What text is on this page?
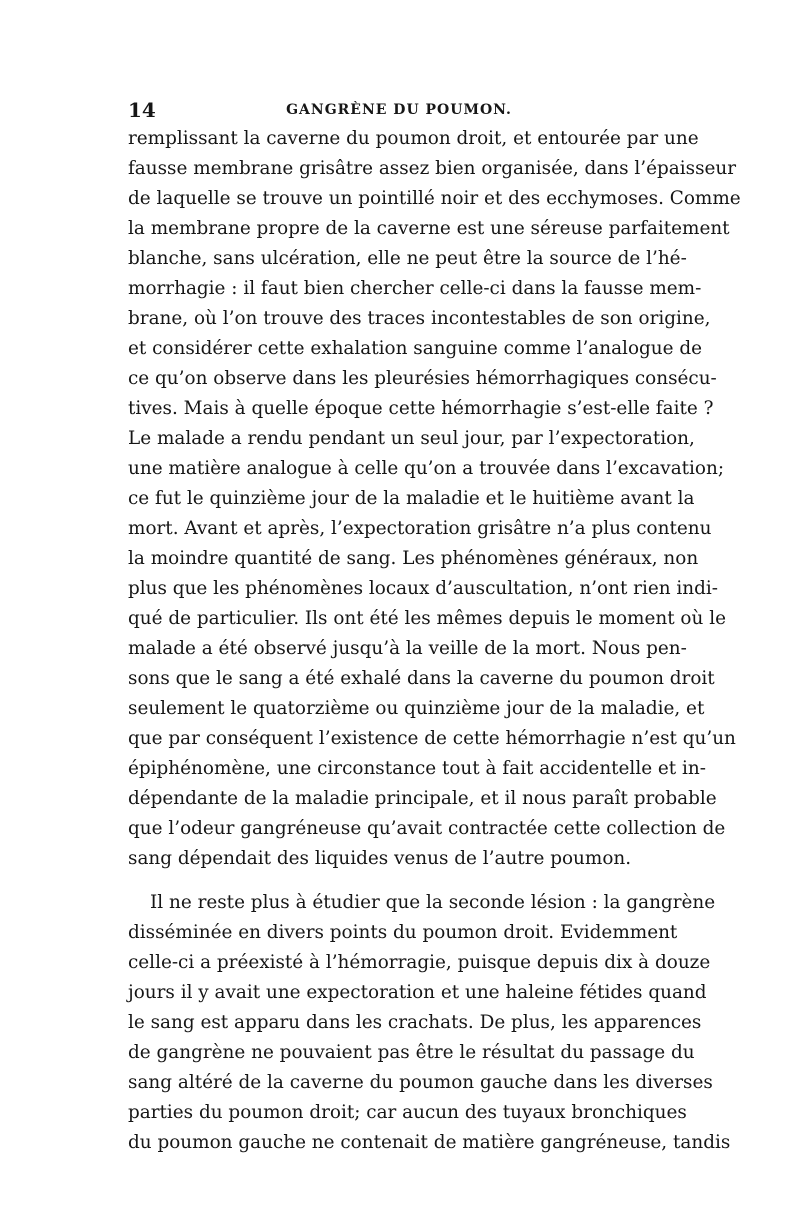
14	GANGRÈNE DU POUMON.
remplissant la caverne du poumon droit, et entourée par une
fausse membrane grisâtre assez bien organisée, dans l’épaisseur
de laquelle se trouve un pointillé noir et des ecchymoses. Comme
la membrane propre de la caverne est une séreuse parfaitement
blanche, sans ulcération, elle ne peut être la source de l’hé-
morrhagie : il faut bien chercher celle-ci dans la fausse mem-
brane, où l’on trouve des traces incontestables de son origine,
et considérer cette exhalation sanguine comme l’analogue de
ce qu’on observe dans les pleurésies hémorrhagiques consécu-
tives. Mais à quelle époque cette hémorrhagie s’est-elle faite ?
Le malade a rendu pendant un seul jour, par l’expectoration,
une matière analogue à celle qu’on a trouvée dans l’excavation;
ce fut le quinzième jour de la maladie et le huitième avant la
mort. Avant et après, l’expectoration grisâtre n’a plus contenu
la moindre quantité de sang. Les phénomènes généraux, non
plus que les phénomènes locaux d’auscultation, n’ont rien indi-
qué de particulier. Ils ont été les mêmes depuis le moment où le
malade a été observé jusqu’à la veille de la mort. Nous pen-
sons que le sang a été exhalé dans la caverne du poumon droit
seulement le quatorzième ou quinzième jour de la maladie, et
que par conséquent l’existence de cette hémorrhagie n’est qu’un
épiphénomène, une circonstance tout à fait accidentelle et in-
dépendante de la maladie principale, et il nous paraît probable
que l’odeur gangréneuse qu’avait contractée cette collection de
sang dépendait des liquides venus de l’autre poumon.
Il ne reste plus à étudier que la seconde lésion : la gangrène
disséminée en divers points du poumon droit. Evidemment
celle-ci a préexisté à l’hémorragie, puisque depuis dix à douze
jours il y avait une expectoration et une haleine fétides quand
le sang est apparu dans les crachats. De plus, les apparences
de gangrène ne pouvaient pas être le résultat du passage du
sang altéré de la caverne du poumon gauche dans les diverses
parties du poumon droit; car aucun des tuyaux bronchiques
du poumon gauche ne contenait de matière gangréneuse, tandis
